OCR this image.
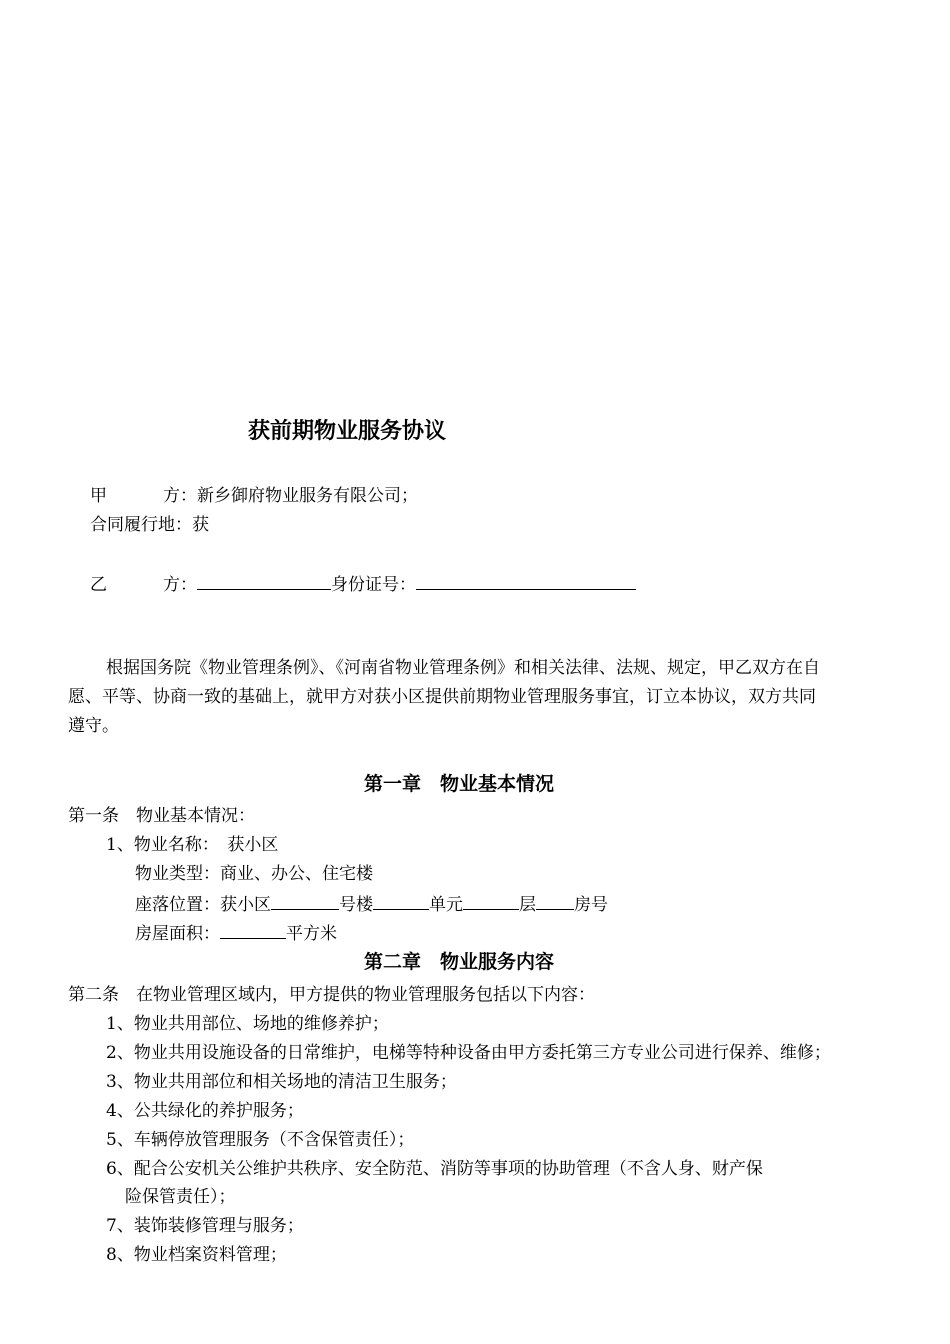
获前期物业服务协议
甲	方：新乡御府物业服务有限公司；
合同履行地：获
乙	方：	身份证号：
根据国务院《物业管理条例》、《河南省物业管理条例》和相关法律、法规、规定，甲乙双方在自
愿、平等、协商一致的基础上，就甲方对获小区提供前期物业管理服务事宜，订立本协议，双方共同
遵守。
第一章　物业基本情况
第一条　物业基本情况：
1、物业名称：　获小区
物业类型：商业、办公、住宅楼
座落位置：获小区	号楼	单元	层 房号
房屋面积：	平方米
第二章　物业服务内容
第二条　在物业管理区域内，甲方提供的物业管理服务包括以下内容：
1、物业共用部位、场地的维修养护；
2、物业共用设施设备的日常维护，电梯等特种设备由甲方委托第三方专业公司进行保养、维修；
3、物业共用部位和相关场地的清洁卫生服务；
4、公共绿化的养护服务；
5、车辆停放管理服务（不含保管责任）；
6、配合公安机关公维护共秩序、安全防范、消防等事项的协助管理（不含人身、财产保
险保管责任）；
7、装饰装修管理与服务；
8、物业档案资料管理；
